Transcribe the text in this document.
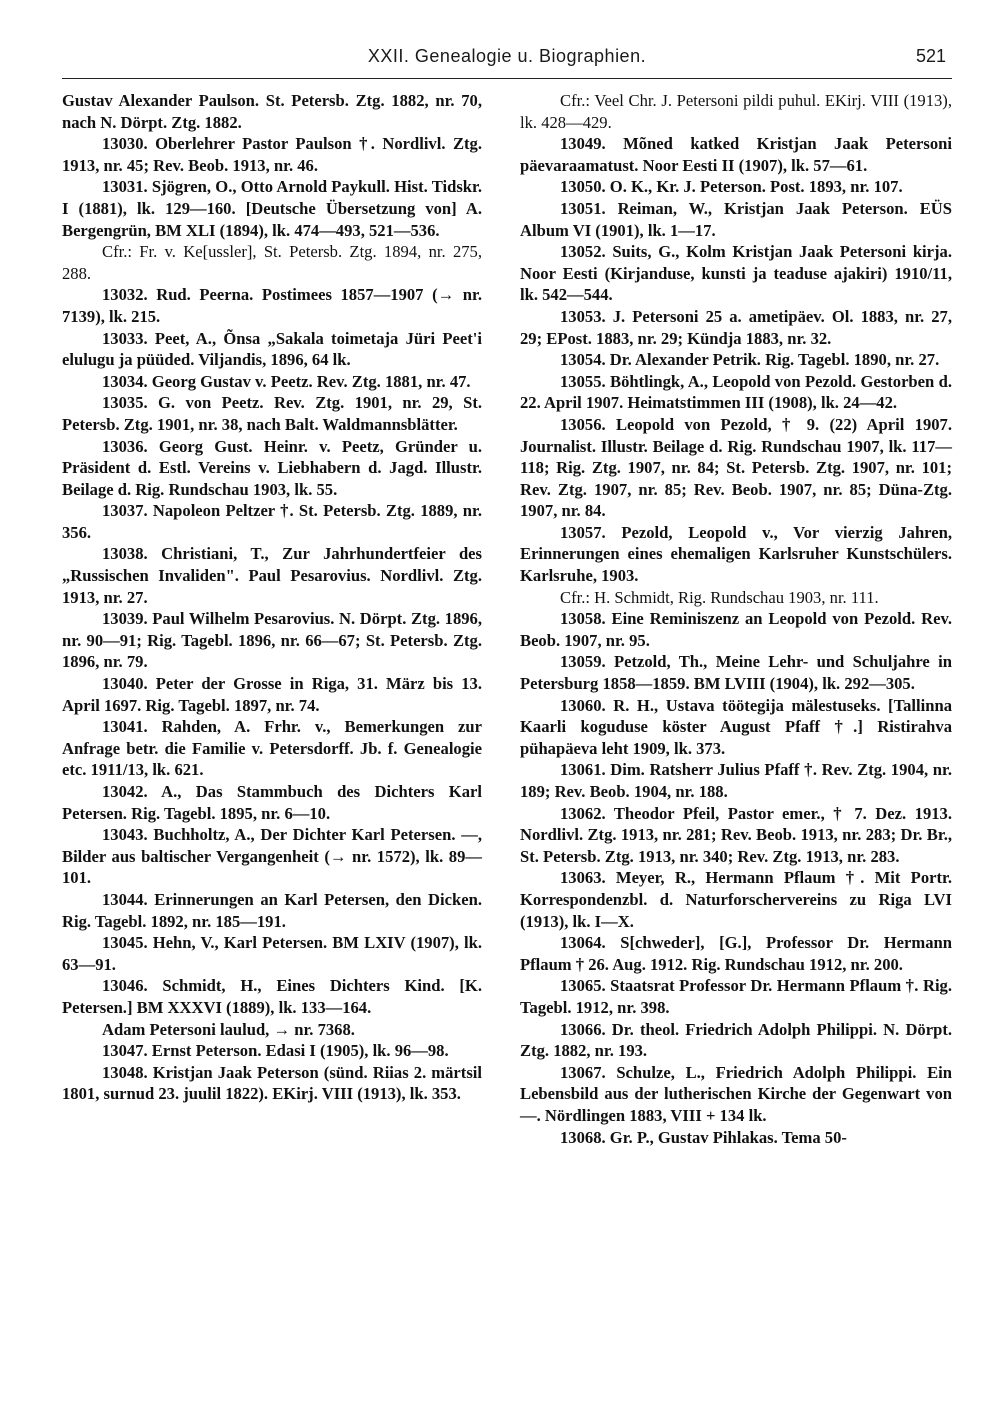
XXII. Genealogie u. Biographien.	521

Gustav Alexander Paulson. St. Petersb. Ztg. 1882, nr. 70, nach N. Dörpt. Ztg. 1882.

13030. Oberlehrer Pastor Paulson †. Nordlivl. Ztg. 1913, nr. 45; Rev. Beob. 1913, nr. 46.

13031. Sjögren, O., Otto Arnold Paykull. Hist. Tidskr. I (1881), lk. 129—160. [Deutsche Übersetzung von] A. Bergengrün, BM XLI (1894), lk. 474—493, 521—536.

Cfr.: Fr. v. Ke[ussler], St. Petersb. Ztg. 1894, nr. 275, 288.

13032. Rud. Peerna. Postimees 1857—1907 (→ nr. 7139), lk. 215.

13033. Peet, A., Õnsa „Sakala toimetaja Jüri Peet'i elulugu ja püüded. Viljandis, 1896, 64 lk.

13034. Georg Gustav v. Peetz. Rev. Ztg. 1881, nr. 47.

13035. G. von Peetz. Rev. Ztg. 1901, nr. 29, St. Petersb. Ztg. 1901, nr. 38, nach Balt. Waldmannsblätter.

13036. Georg Gust. Heinr. v. Peetz, Gründer u. Präsident d. Estl. Vereins v. Liebhabern d. Jagd. Illustr. Beilage d. Rig. Rundschau 1903, lk. 55.

13037. Napoleon Peltzer †. St. Petersb. Ztg. 1889, nr. 356.

13038. Christiani, T., Zur Jahrhundertfeier des „Russischen Invaliden". Paul Pesarovius. Nordlivl. Ztg. 1913, nr. 27.

13039. Paul Wilhelm Pesarovius. N. Dörpt. Ztg. 1896, nr. 90—91; Rig. Tagebl. 1896, nr. 66—67; St. Petersb. Ztg. 1896, nr. 79.

13040. Peter der Grosse in Riga, 31. März bis 13. April 1697. Rig. Tagebl. 1897, nr. 74.

13041. Rahden, A. Frhr. v., Bemerkungen zur Anfrage betr. die Familie v. Petersdorff. Jb. f. Genealogie etc. 1911/13, lk. 621.

13042. A., Das Stammbuch des Dichters Karl Petersen. Rig. Tagebl. 1895, nr. 6—10.

13043. Buchholtz, A., Der Dichter Karl Petersen. —, Bilder aus baltischer Vergangenheit (→ nr. 1572), lk. 89—101.

13044. Erinnerungen an Karl Petersen, den Dicken. Rig. Tagebl. 1892, nr. 185—191.

13045. Hehn, V., Karl Petersen. BM LXIV (1907), lk. 63—91.

13046. Schmidt, H., Eines Dichters Kind. [K. Petersen.] BM XXXVI (1889), lk. 133—164.

Adam Petersoni laulud, → nr. 7368.

13047. Ernst Peterson. Edasi I (1905), lk. 96—98.

13048. Kristjan Jaak Peterson (sünd. Riias 2. märtsil 1801, surnud 23. juulil 1822). EKirj. VIII (1913), lk. 353.

Cfr.: Veel Chr. J. Petersoni pildi puhul. EKirj. VIII (1913), lk. 428—429.

13049. Mõned katked Kristjan Jaak Petersoni päevaraamatust. Noor Eesti II (1907), lk. 57—61.

13050. O. K., Kr. J. Peterson. Post. 1893, nr. 107.

13051. Reiman, W., Kristjan Jaak Peterson. EÜS Album VI (1901), lk. 1—17.

13052. Suits, G., Kolm Kristjan Jaak Petersoni kirja. Noor Eesti (Kirjanduse, kunsti ja teaduse ajakiri) 1910/11, lk. 542—544.

13053. J. Petersoni 25 a. ametipäev. Ol. 1883, nr. 27, 29; EPost. 1883, nr. 29; Kündja 1883, nr. 32.

13054. Dr. Alexander Petrik. Rig. Tagebl. 1890, nr. 27.

13055. Böhtlingk, A., Leopold von Pezold. Gestorben d. 22. April 1907. Heimatstimmen III (1908), lk. 24—42.

13056. Leopold von Pezold, † 9. (22) April 1907. Journalist. Illustr. Beilage d. Rig. Rundschau 1907, lk. 117—118; Rig. Ztg. 1907, nr. 84; St. Petersb. Ztg. 1907, nr. 101; Rev. Ztg. 1907, nr. 85; Rev. Beob. 1907, nr. 85; Düna-Ztg. 1907, nr. 84.

13057. Pezold, Leopold v., Vor vierzig Jahren, Erinnerungen eines ehemaligen Karlsruher Kunstschülers. Karlsruhe, 1903.

Cfr.: H. Schmidt, Rig. Rundschau 1903, nr. 111.

13058. Eine Reminiszenz an Leopold von Pezold. Rev. Beob. 1907, nr. 95.

13059. Petzold, Th., Meine Lehr- und Schuljahre in Petersburg 1858—1859. BM LVIII (1904), lk. 292—305.

13060. R. H., Ustava töötegija mälestuseks. [Tallinna Kaarli koguduse köster August Pfaff †.] Ristirahva pühapäeva leht 1909, lk. 373.

13061. Dim. Ratsherr Julius Pfaff †. Rev. Ztg. 1904, nr. 189; Rev. Beob. 1904, nr. 188.

13062. Theodor Pfeil, Pastor emer., † 7. Dez. 1913. Nordlivl. Ztg. 1913, nr. 281; Rev. Beob. 1913, nr. 283; Dr. Br., St. Petersb. Ztg. 1913, nr. 340; Rev. Ztg. 1913, nr. 283.

13063. Meyer, R., Hermann Pflaum †. Mit Portr. Korrespondenzbl. d. Naturforschervereins zu Riga LVI (1913), lk. I—X.

13064. S[chweder], [G.], Professor Dr. Hermann Pflaum † 26. Aug. 1912. Rig. Rundschau 1912, nr. 200.

13065. Staatsrat Professor Dr. Hermann Pflaum †. Rig. Tagebl. 1912, nr. 398.

13066. Dr. theol. Friedrich Adolph Philippi. N. Dörpt. Ztg. 1882, nr. 193.

13067. Schulze, L., Friedrich Adolph Philippi. Ein Lebensbild aus der lutherischen Kirche der Gegenwart von —. Nördlingen 1883, VIII + 134 lk.

13068. Gr. P., Gustav Pihlakas. Tema 50-
